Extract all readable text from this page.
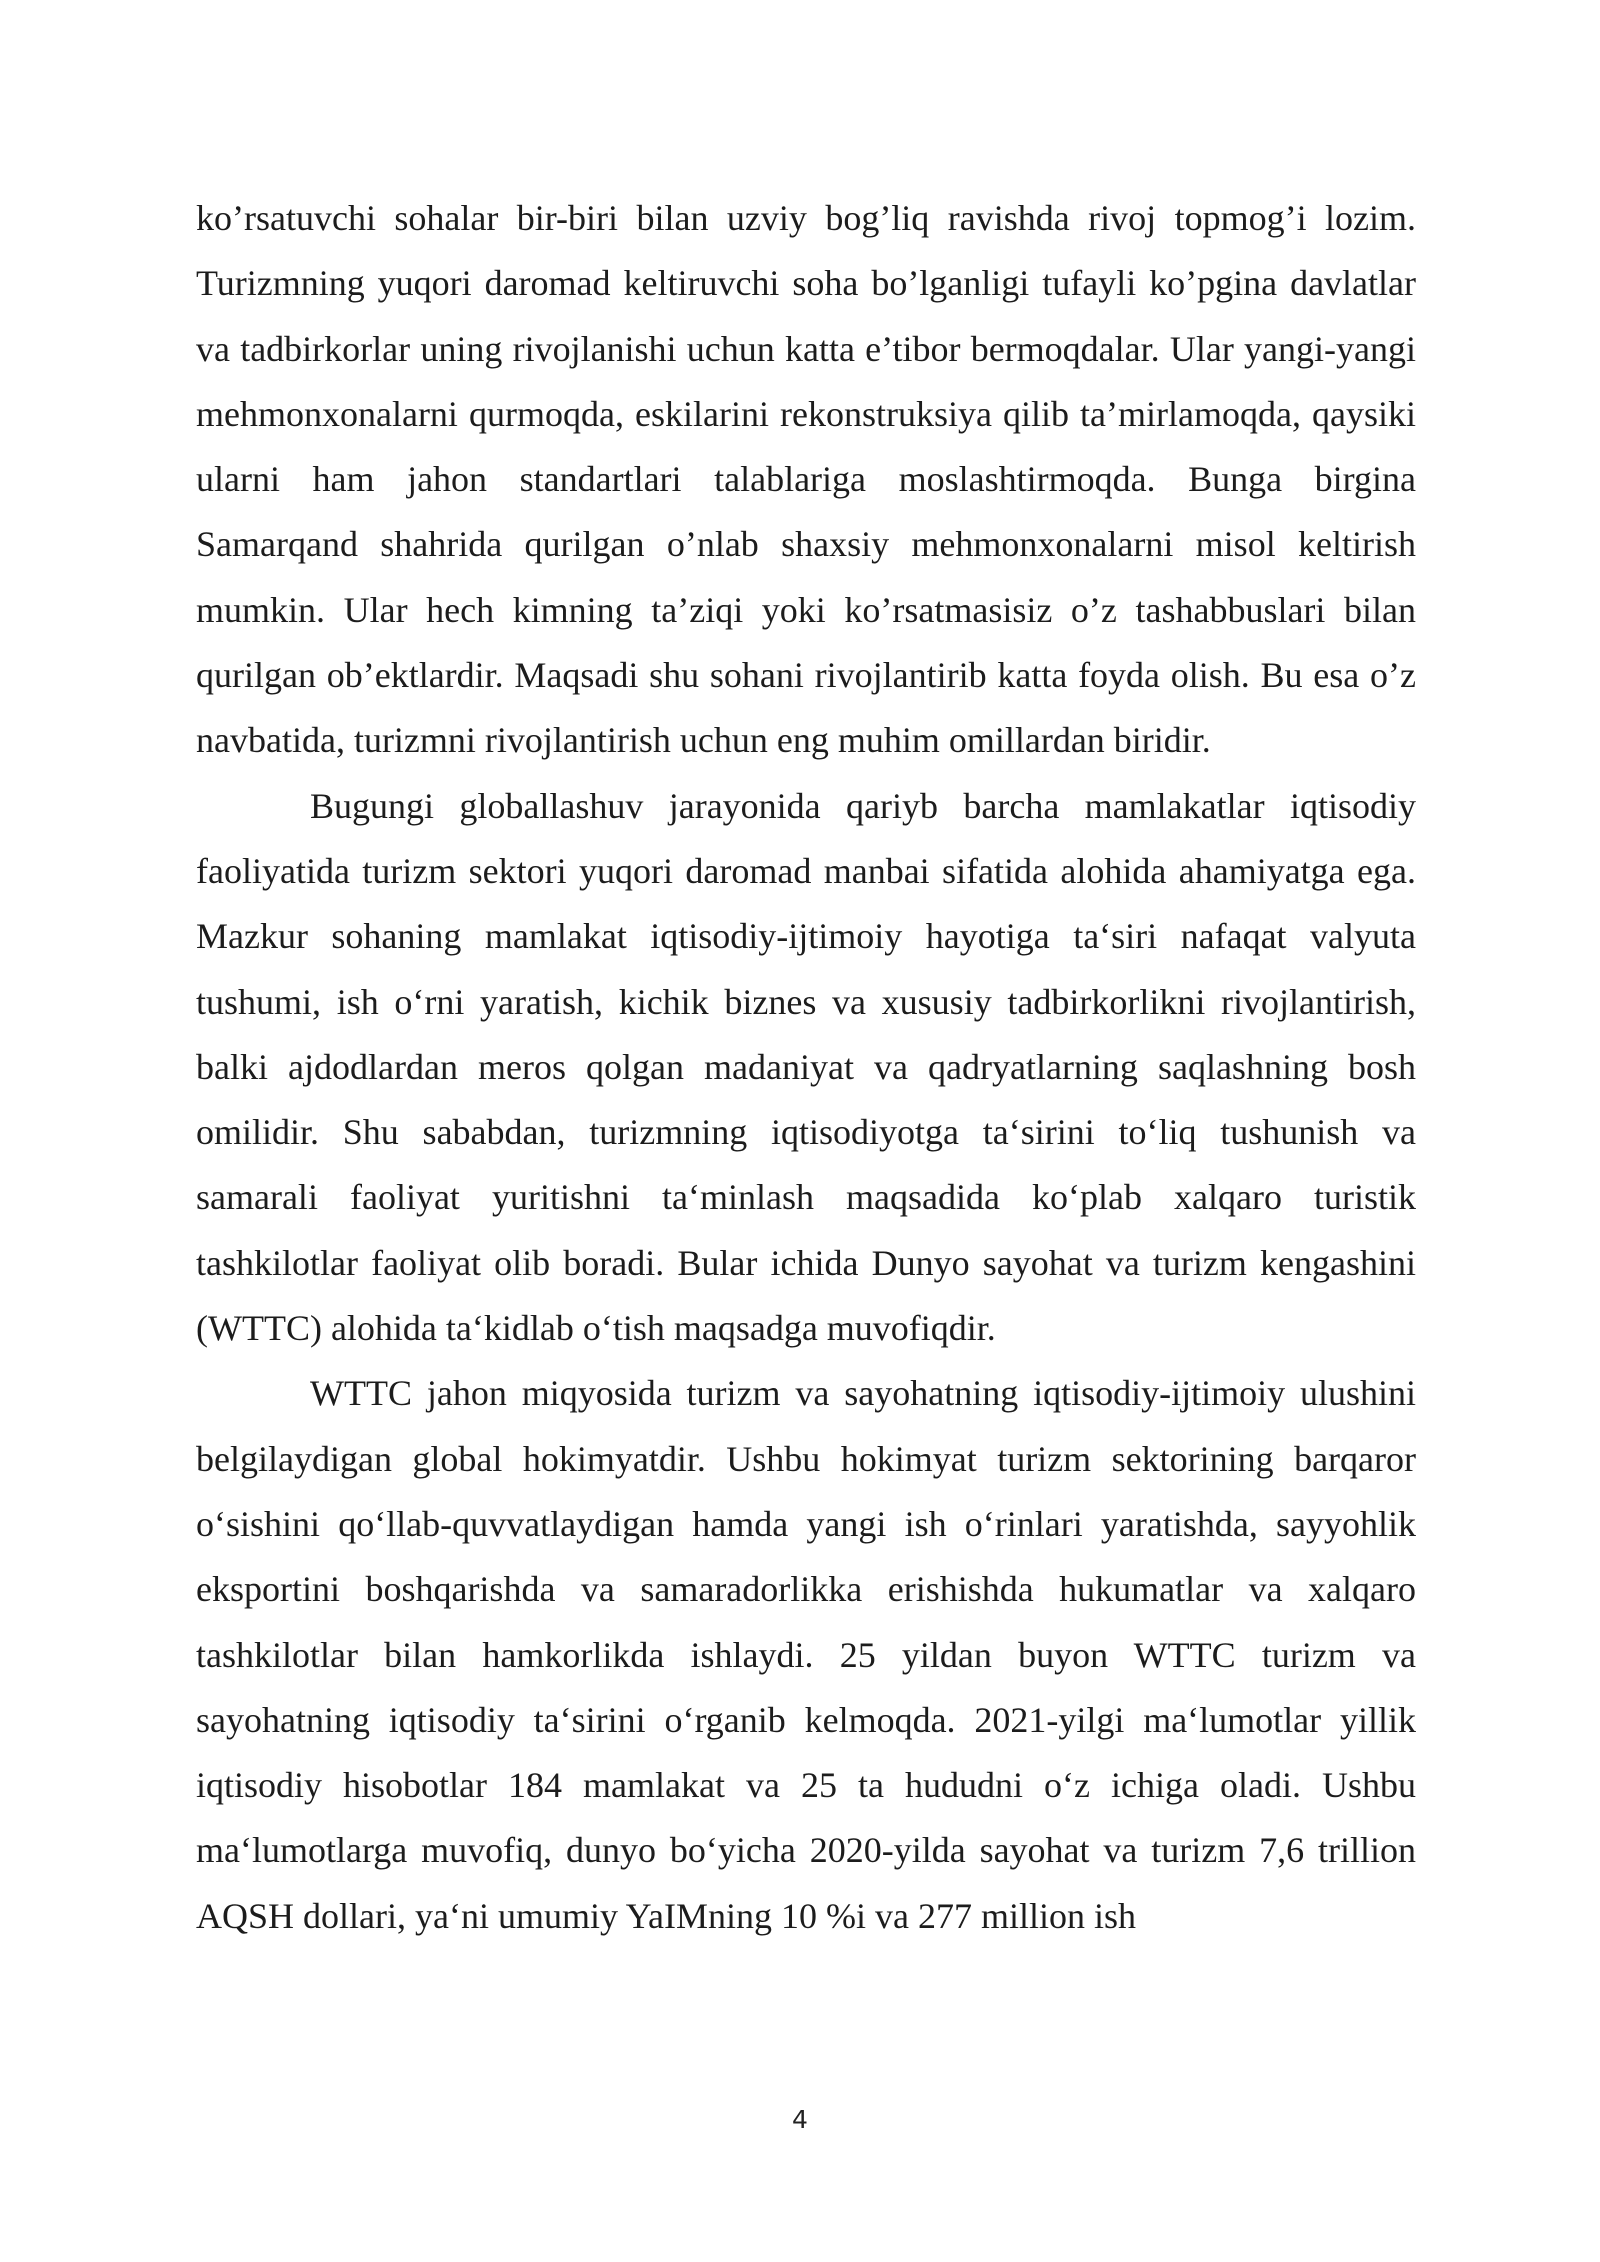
ko’rsatuvchi sohalar bir-biri bilan uzviy bog’liq ravishda rivoj topmog’i lozim. Turizmning yuqori daromad keltiruvchi soha bo’lganligi tufayli ko’pgina davlatlar va tadbirkorlar uning rivojlanishi uchun katta e’tibor bermoqdalar. Ular yangi-yangi mehmonxonalarni qurmoqda, eskilarini rekonstruksiya qilib ta’mirlamoqda, qaysiki ularni ham jahon standartlari talablariga moslashtirmoqda. Bunga birgina Samarqand shahrida qurilgan o’nlab shaxsiy mehmonxonalarni misol keltirish mumkin. Ular hech kimning ta’ziqi yoki ko’rsatmasisiz o’z tashabbuslari bilan qurilgan ob’ektlardir. Maqsadi shu sohani rivojlantirib katta foyda olish. Bu esa o’z navbatida, turizmni rivojlantirish uchun eng muhim omillardan biridir.

Bugungi globallashuv jarayonida qariyb barcha mamlakatlar iqtisodiy faoliyatida turizm sektori yuqori daromad manbai sifatida alohida ahamiyatga ega. Mazkur sohaning mamlakat iqtisodiy-ijtimoiy hayotiga ta‘siri nafaqat valyuta tushumi, ish o‘rni yaratish, kichik biznes va xususiy tadbirkorlikni rivojlantirish, balki ajdodlardan meros qolgan madaniyat va qadryatlarning saqlashning bosh omilidir. Shu sababdan, turizmning iqtisodiyotga ta‘sirini to‘liq tushunish va samarali faoliyat yuritishni ta‘minlash maqsadida ko‘plab xalqaro turistik tashkilotlar faoliyat olib boradi. Bular ichida Dunyo sayohat va turizm kengashini (WTTC) alohida ta‘kidlab o‘tish maqsadga muvofiqdir.

WTTC jahon miqyosida turizm va sayohatning iqtisodiy-ijtimoiy ulushini belgilaydigan global hokimyatdir. Ushbu hokimyat turizm sektorining barqaror o‘sishini qo‘llab-quvvatlaydigan hamda yangi ish o‘rinlari yaratishda, sayyohlik eksportini boshqarishda va samaradorlikka erishishda hukumatlar va xalqaro tashkilotlar bilan hamkorlikda ishlaydi. 25 yildan buyon WTTC turizm va sayohatning iqtisodiy ta‘sirini o‘rganib kelmoqda. 2021-yilgi ma‘lumotlar yillik iqtisodiy hisobotlar 184 mamlakat va 25 ta hududni o‘z ichiga oladi. Ushbu ma‘lumotlarga muvofiq, dunyo bo‘yicha 2020-yilda sayohat va turizm 7,6 trillion AQSH dollari, ya‘ni umumiy YaIMning 10 %i va 277 million ish

4
